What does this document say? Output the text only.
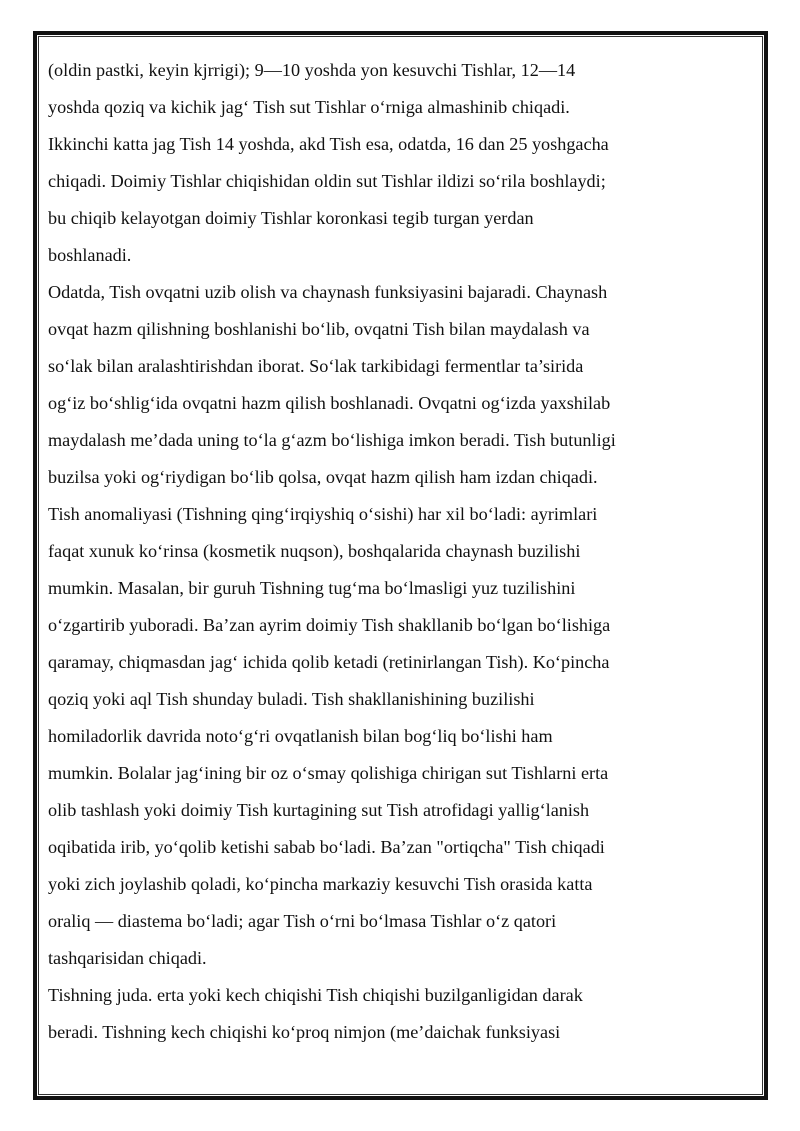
(oldin pastki, keyin kjrrigi); 9—10 yoshda yon kesuvchi Tishlar, 12—14
yoshda qoziq va kichik jag‘ Tish sut Tishlar o‘rniga almashinib chiqadi.
Ikkinchi katta jag Tish 14 yoshda, akd Tish esa, odatda, 16 dan 25 yoshgacha
chiqadi. Doimiy Tishlar chiqishidan oldin sut Tishlar ildizi so‘rila boshlaydi;
bu chiqib kelayotgan doimiy Tishlar koronkasi tegib turgan yerdan
boshlanadi.
Odatda, Tish ovqatni uzib olish va chaynash funksiyasini bajaradi. Chaynash
ovqat hazm qilishning boshlanishi bo‘lib, ovqatni Tish bilan maydalash va
so‘lak bilan aralashtirishdan iborat. So‘lak tarkibidagi fermentlar ta’sirida
og‘iz bo‘shlig‘ida ovqatni hazm qilish boshlanadi. Ovqatni og‘izda yaxshilab
maydalash me’dada uning to‘la g‘azm bo‘lishiga imkon beradi. Tish butunligi
buzilsa yoki og‘riydigan bo‘lib qolsa, ovqat hazm qilish ham izdan chiqadi.
Tish anomaliyasi (Tishning qing‘irqiyshiq o‘sishi) har xil bo‘ladi: ayrimlari
faqat xunuk ko‘rinsa (kosmetik nuqson), boshqalarida chaynash buzilishi
mumkin. Masalan, bir guruh Tishning tug‘ma bo‘lmasligi yuz tuzilishini
o‘zgartirib yuboradi. Ba’zan ayrim doimiy Tish shakllanib bo‘lgan bo‘lishiga
qaramay, chiqmasdan jag‘ ichida qolib ketadi (retinirlangan Tish). Ko‘pincha
qoziq yoki aql Tish shunday buladi. Tish shakllanishining buzilishi
homiladorlik davrida noto‘g‘ri ovqatlanish bilan bog‘liq bo‘lishi ham
mumkin. Bolalar jag‘ining bir oz o‘smay qolishiga chirigan sut Tishlarni erta
olib tashlash yoki doimiy Tish kurtagining sut Tish atrofidagi yallig‘lanish
oqibatida irib, yo‘qolib ketishi sabab bo‘ladi. Ba’zan "ortiqcha" Tish chiqadi
yoki zich joylashib qoladi, ko‘pincha markaziy kesuvchi Tish orasida katta
oraliq — diastema bo‘ladi; agar Tish o‘rni bo‘lmasa Tishlar o‘z qatori
tashqarisidan chiqadi.
Tishning juda. erta yoki kech chiqishi Tish chiqishi buzilganligidan darak
beradi. Tishning kech chiqishi ko‘proq nimjon (me’daichak funksiyasi
